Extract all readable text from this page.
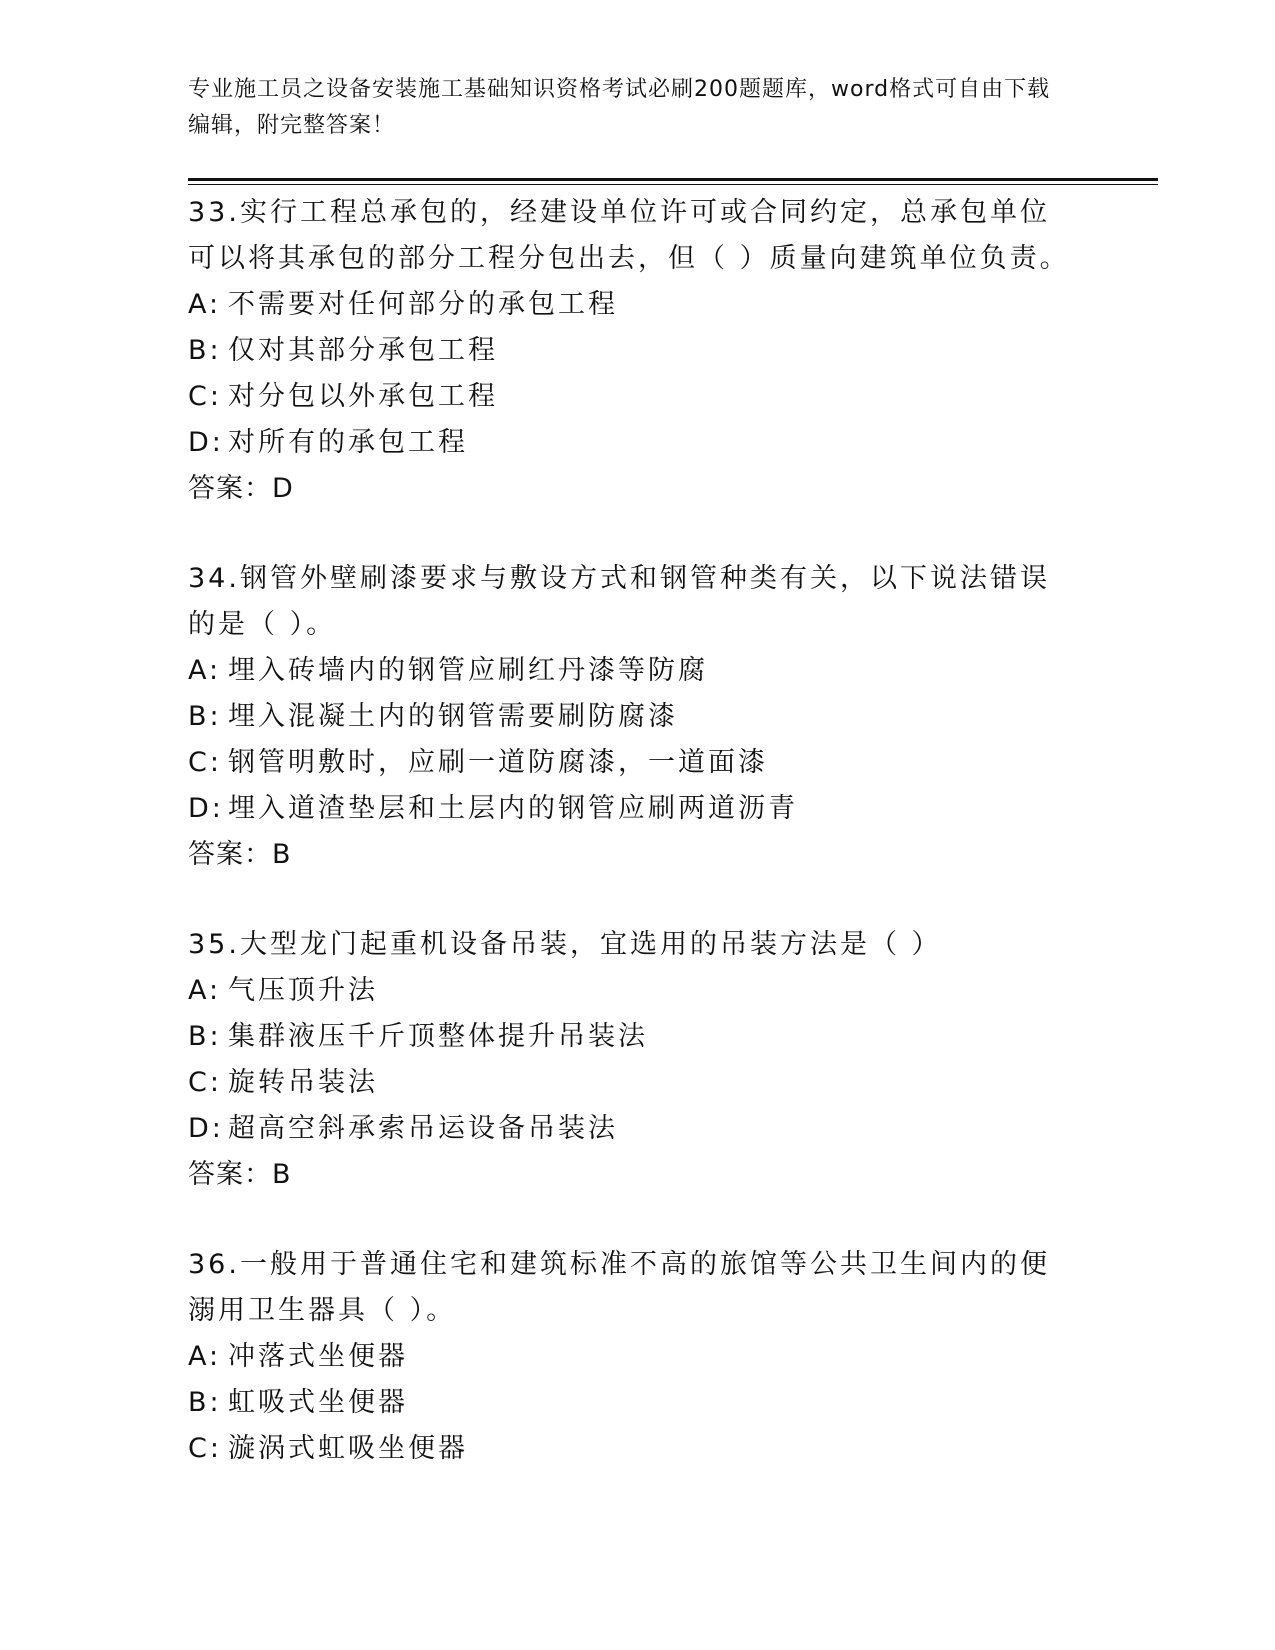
专业施工员之设备安装施工基础知识资格考试必刷200题题库，word格式可自由下载编辑，附完整答案！
33.实行工程总承包的，经建设单位许可或合同约定，总承包单位可以将其承包的部分工程分包出去，但（ ）质量向建筑单位负责。
A: 不需要对任何部分的承包工程
B: 仅对其部分承包工程
C: 对分包以外承包工程
D: 对所有的承包工程
答案：D
34.钢管外壁刷漆要求与敷设方式和钢管种类有关，以下说法错误的是（ ）。
A: 埋入砖墙内的钢管应刷红丹漆等防腐
B: 埋入混凝土内的钢管需要刷防腐漆
C: 钢管明敷时，应刷一道防腐漆，一道面漆
D: 埋入道渣垫层和土层内的钢管应刷两道沥青
答案：B
35.大型龙门起重机设备吊装，宜选用的吊装方法是（ ）
A: 气压顶升法
B: 集群液压千斤顶整体提升吊装法
C: 旋转吊装法
D: 超高空斜承索吊运设备吊装法
答案：B
36.一般用于普通住宅和建筑标准不高的旅馆等公共卫生间内的便溺用卫生器具（ ）。
A: 冲落式坐便器
B: 虹吸式坐便器
C: 漩涡式虹吸坐便器
